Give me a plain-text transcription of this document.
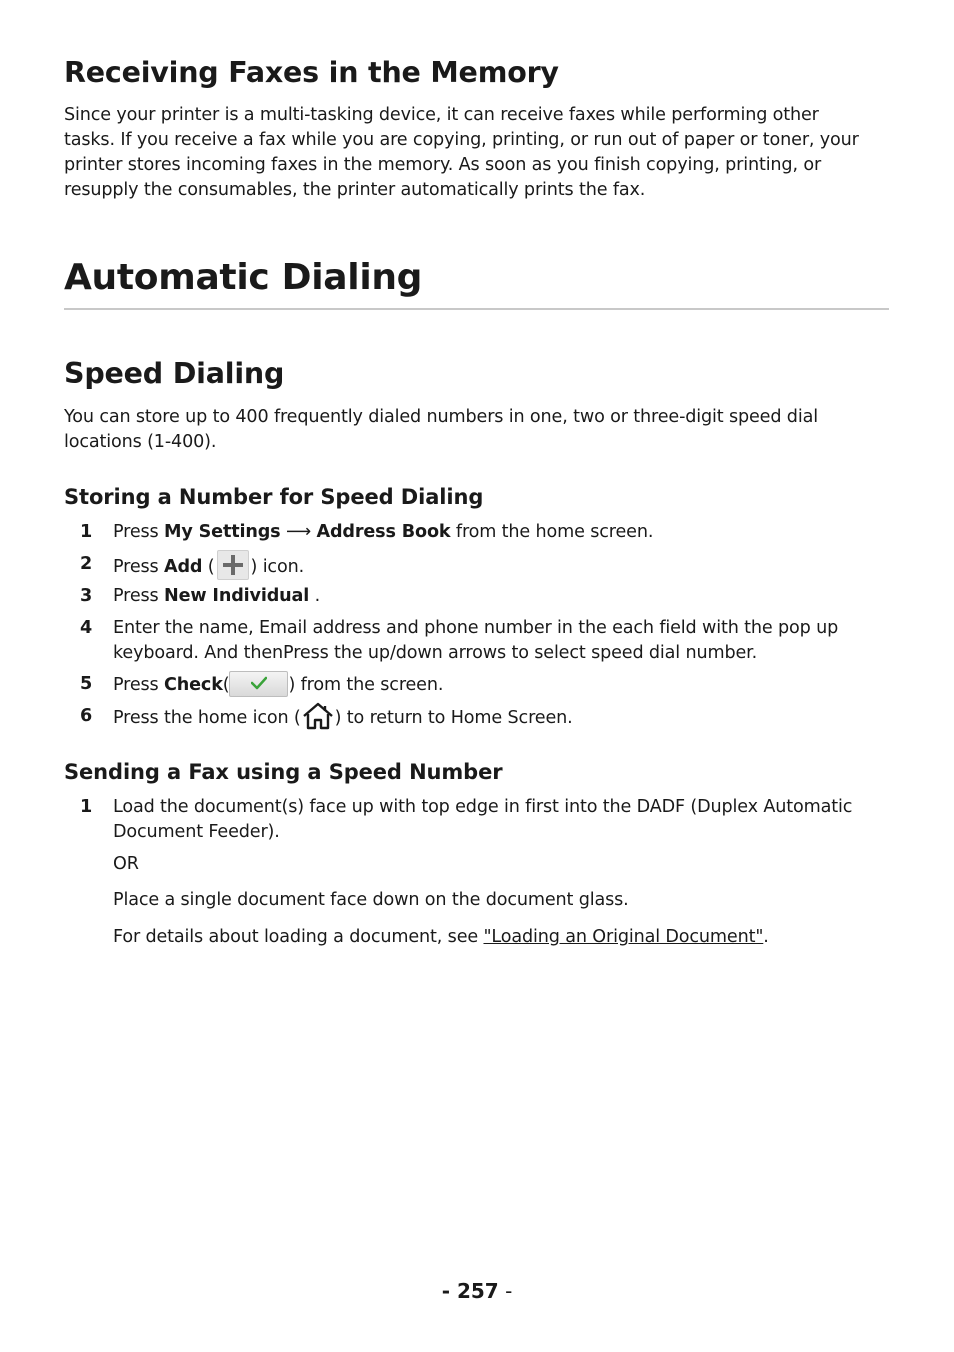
Receiving Faxes in the Memory

Since your printer is a multi-tasking device, it can receive faxes while performing other
tasks. If you receive a fax while you are copying, printing, or run out of paper or toner, your
printer stores incoming faxes in the memory. As soon as you finish copying, printing, or
resupply the consumables, the printer automatically prints the fax.

Automatic Dialing
Speed Dialing

You can store up to 400 frequently dialed numbers in one, two or three-digit speed dial
locations (1-400).

Storing a Number for Speed Dialing
1	Press My Settings ⟶ Address Book from the home screen.
2	Press Add ( ) icon.
3	Press New Individual .
4	Enter the name, Email address and phone number in the each field with the pop up
keyboard. And thenPress the up/down arrows to select speed dial number.
5	Press Check(	) from the screen.
6	Press the home icon ( ) to return to Home Screen.
Sending a Fax using a Speed Number
1	Load the document(s) face up with top edge in first into the DADF (Duplex Automatic
Document Feeder).
OR
Place a single document face down on the document glass.
For details about loading a document, see "Loading an Original Document".
- 257 -
